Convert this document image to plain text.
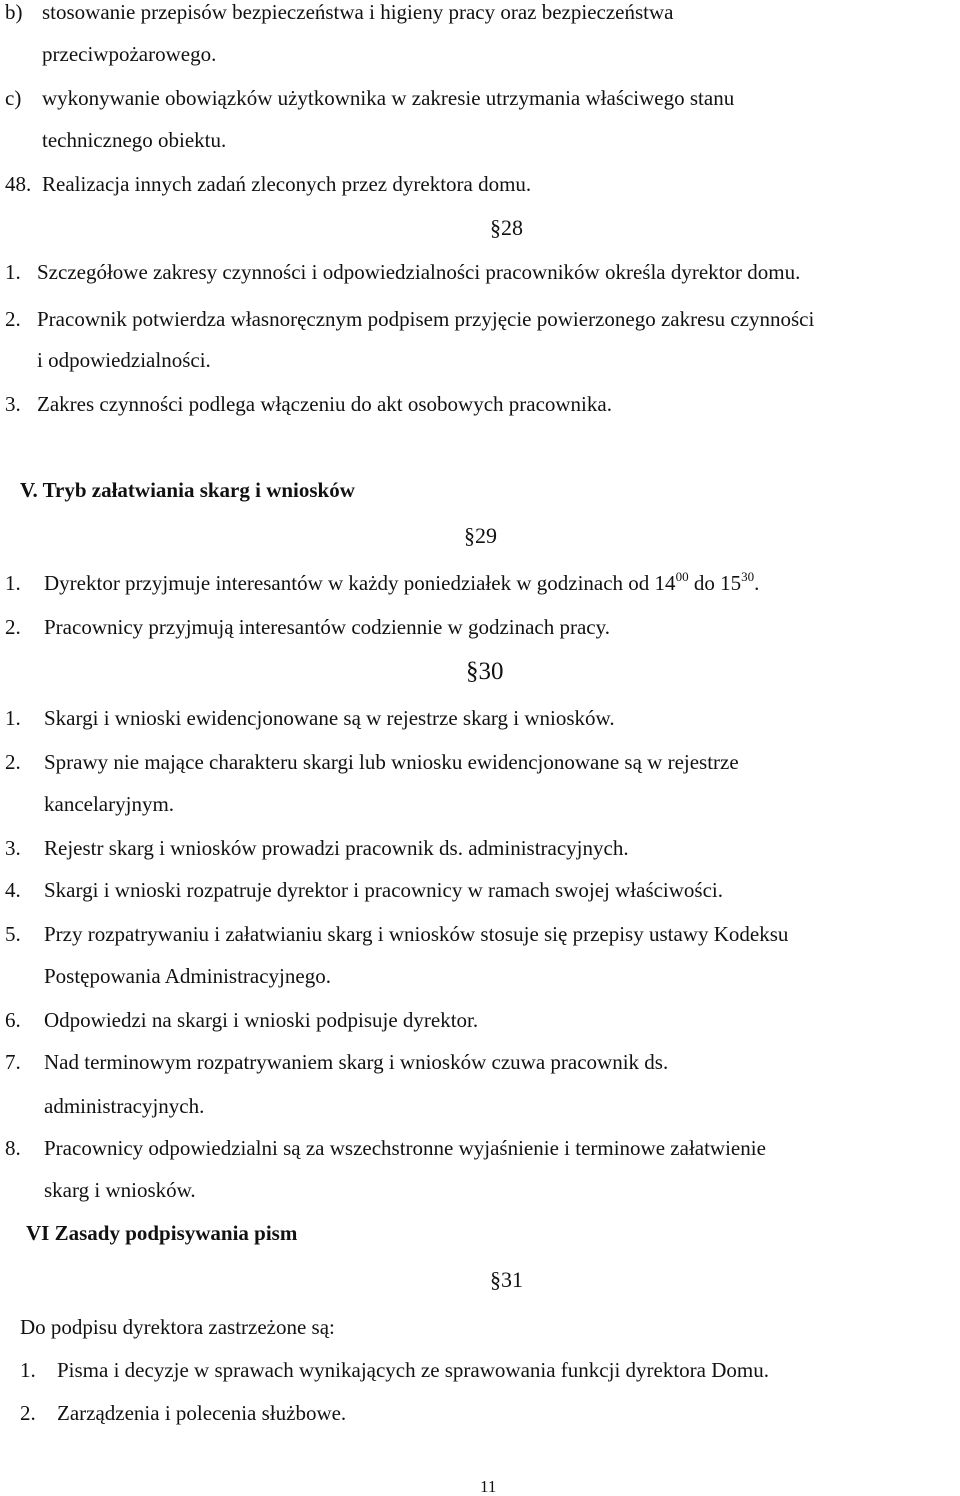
b) stosowanie przepisów bezpieczeństwa i higieny pracy oraz bezpieczeństwa
przeciwpożarowego.
c) wykonywanie obowiązków użytkownika w zakresie utrzymania właściwego stanu
technicznego obiektu.
48. Realizacja innych zadań zleconych przez dyrektora domu.
§28
1. Szczegółowe zakresy czynności i odpowiedzialności pracowników określa dyrektor domu.
2. Pracownik potwierdza własnoręcznym podpisem przyjęcie powierzonego zakresu czynności
i odpowiedzialności.
3. Zakres czynności podlega włączeniu do akt osobowych pracownika.
V. Tryb załatwiania skarg i wniosków
§29
1. Dyrektor przyjmuje interesantów w każdy poniedziałek w godzinach od $14^{00}$ do $15^{30}$.
2. Pracownicy przyjmują interesantów codziennie w godzinach pracy.
§30
1. Skargi i wnioski ewidencjonowane są w rejestrze skarg i wniosków.
2. Sprawy nie mające charakteru skargi lub wniosku ewidencjonowane są w rejestrze
kancelaryjnym.
3. Rejestr skarg i wniosków prowadzi pracownik ds. administracyjnych.
4. Skargi i wnioski rozpatruje dyrektor i pracownicy w ramach swojej właściwości.
5. Przy rozpatrywaniu i załatwianiu skarg i wniosków stosuje się przepisy ustawy Kodeksu
Postępowania Administracyjnego.
6. Odpowiedzi na skargi i wnioski podpisuje dyrektor.
7. Nad terminowym rozpatrywaniem skarg i wniosków czuwa pracownik ds.
administracyjnych.
8. Pracownicy odpowiedzialni są za wszechstronne wyjaśnienie i terminowe załatwienie
skarg i wniosków.
VI Zasady podpisywania pism
§31
Do podpisu dyrektora zastrzeżone są:
1. Pisma i decyzje w sprawach wynikających ze sprawowania funkcji dyrektora Domu.
2. Zarządzenia i polecenia służbowe.
11
